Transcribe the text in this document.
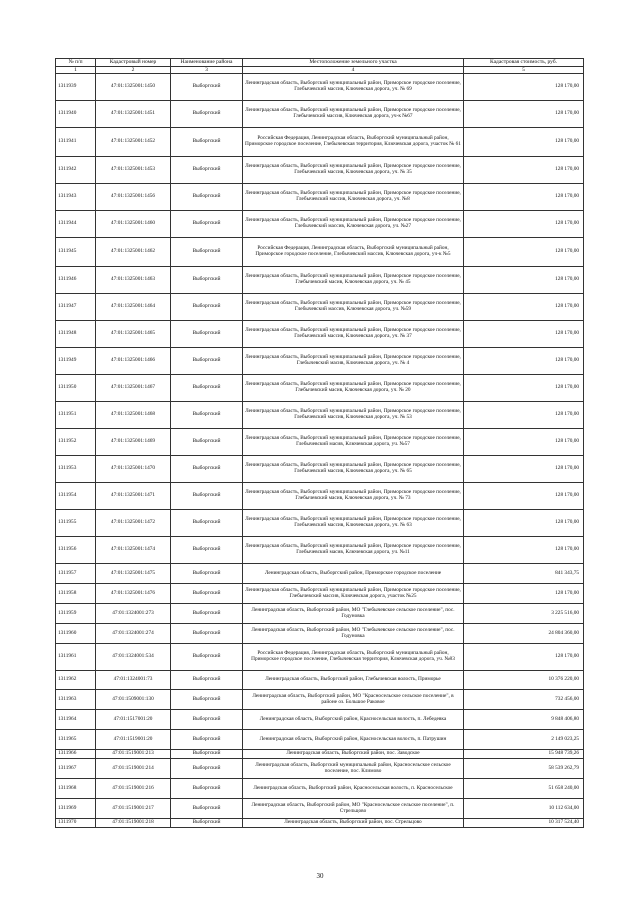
№ п/п	Кадастровый номер	Наименование района	Местоположение земельного участка	Кадастровая стоимость, руб.
1	2	3	4	5
1311939	47:01:1325001:1450	Выборгский	Ленинградская область, Выборгский муниципальный район, Приморское городское поселение, Глебычевский массив, Ключевская дорога, уч. № 69	128 170,00
1311940	47:01:1325001:1451	Выборгский	Ленинградская область, Выборгский муниципальный район, Приморское городское поселение, Глебычевский массив, Ключевская дорога, уч-к №67	128 170,00
1311941	47:01:1325001:1452	Выборгский	Российская Федерация, Ленинградская область, Выборгский муниципальный район, Приморское городское поселение, Глебычевская территория, Ключевская дорога, участок № 61	128 170,00
1311942	47:01:1325001:1453	Выборгский	Ленинградская область, Выборгский муниципальный район, Приморское городское поселение, Глебычевский массив, Ключевская дорога, уч. № 35	128 170,00
1311943	47:01:1325001:1456	Выборгский	Ленинградская область, Выборгский муниципальный район, Приморское городское поселение, Глебычевский массив, Ключевская дорога, уч. №8	128 170,00
1311944	47:01:1325001:1460	Выборгский	Ленинградская область, Выборгский муниципальный район, Приморское городское поселение, Глебычевский массив, Ключевская дорога, уч. №27	128 170,00
1311945	47:01:1325001:1462	Выборгский	Российская Федерация, Ленинградская область, Выборгский муниципальный район, Приморское городское поселение, Глебычевский массив, Ключевская дорога, уч-к №5	128 170,00
1311946	47:01:1325001:1463	Выборгский	Ленинградская область, Выборгский муниципальный район, Приморское городское поселение, Глебычевский масив, Ключевская дорога, уч. № 45	128 170,00
1311947	47:01:1325001:1464	Выборгский	Ленинградская область, Выборгский муниципальный район, Приморское городское поселение, Глебычевский массив, Ключевская дорога, уч. №59	128 170,00
1311948	47:01:1325001:1465	Выборгский	Ленинградская область, Выборгский муниципальный район, Приморское городское поселение, Глебычевский массив, Ключевская дорога, уч. № 37	128 170,00
1311949	47:01:1325001:1466	Выборгский	Ленинградская область, Выборгский муниципальный район, Приморское городское поселение, Глебычевский масив, Ключевская дорога, уч. № 4	128 170,00
1311950	47:01:1325001:1467	Выборгский	Ленинградская область, Выборгский муниципальный район, Приморское городское поселение, Глебычевский масив, Ключевская дорога, уч. № 20	128 170,00
1311951	47:01:1325001:1468	Выборгский	Ленинградская область, Выборгский муниципальный район, Приморское городское поселение, Глебычевский массив, Ключевская дорога, уч. № 53	128 170,00
1311952	47:01:1325001:1469	Выборгский	Ленинградская область, Выборгский муниципальный район, Приморское городское поселение, Глебычевский масив, Ключевская дорога, уч. №57	128 170,00
1311953	47:01:1325001:1470	Выборгский	Ленинградская область, Выборгский муниципальный район, Приморское городское поселение, Глебычевский массив, Ключевская дорога, уч. № 65	128 170,00
1311954	47:01:1325001:1471	Выборгский	Ленинградская область, Выборгский муниципальный район, Приморское городское поселение, Глебычевский масив, Ключевская дорога, уч. № 73	128 170,00
1311955	47:01:1325001:1472	Выборгский	Ленинградская область, Выборгский муниципальный район, Приморское городское поселение, Глебычевский массив, Ключевская дорога, уч. № 63	128 170,00
1311956	47:01:1325001:1474	Выборгский	Ленинградская область, Выборгский муниципальный район, Приморское городское поселение, Глебычевский масив, Ключевская дорога, уч. №11	128 170,00
1311957	47:01:1325001:1475	Выборгский	Ленинградская область, Выборгский район, Приморское городское поселение	841 343,75
1311958	47:01:1325001:1476	Выборгский	Ленинградская область, Выборгский муниципальный район, Приморское городское поселение, Глебычевский массив, Ключевская дорога, участок №25	128 170,00
1311959	47:01:1324001:273	Выборгский	Ленинградская область, Выборгский район, МО "Глебычевское сельское поселение", пос. Годуновка	3 225 516,00
1311960	47:01:1324001:274	Выборгский	Ленинградская область, Выборгский район, МО "Глебычевское сельское поселение", пос. Годуновка	24 804 360,00
1311961	47:01:1324001:534	Выборгский	Российская Федерация, Ленинградская область, Выборгский муниципальный район, Приморское городское поселение, Глебычевская территория, Ключевская дорога, уч. №83	128 170,00
1311962	47:01:1324001:73	Выборгский	Ленинградская область, Выборгский район, Глебычевская волость, Приморье	10 376 220,00
1311963	47:01:1509001:130	Выборгский	Ленинградская область, Выборгский район, МО "Красносельское сельское поселение", в районе оз. Большое Раковое	732 456,00
1311964	47:01:1517001:20	Выборгский	Ленинградская область, Выборгский район, Красносельская волость, п. Лебедевка	9 848 406,80
1311965	47:01:1519001:20	Выборгский	Ленинградская область, Выборгский район, Красносельская волость, п. Патрушин	2 149 023,25
1311966	47:01:1519001:213	Выборгский	Ленинградская область, Выборгский район, пос. Заводское	15 948 739,26
1311967	47:01:1519001:214	Выборгский	Ленинградская область, Выборгский муниципальный район, Красносельское сельское поселение, пос. Климово	58 539 262,79
1311968	47:01:1519001:216	Выборгский	Ленинградская область, Выборгский район, Красносельская волость, п. Красносельское	51 658 240,00
1311969	47:01:1519001:217	Выборгский	Ленинградская область, Выборгский район, МО "Красносельское сельское поселение", п. Стрельцово	10 112 634,00
1311970	47:01:1519001:218	Выборгский	Ленинградская область, Выборгский район, пос. Стрельцово	10 317 524,40
30
